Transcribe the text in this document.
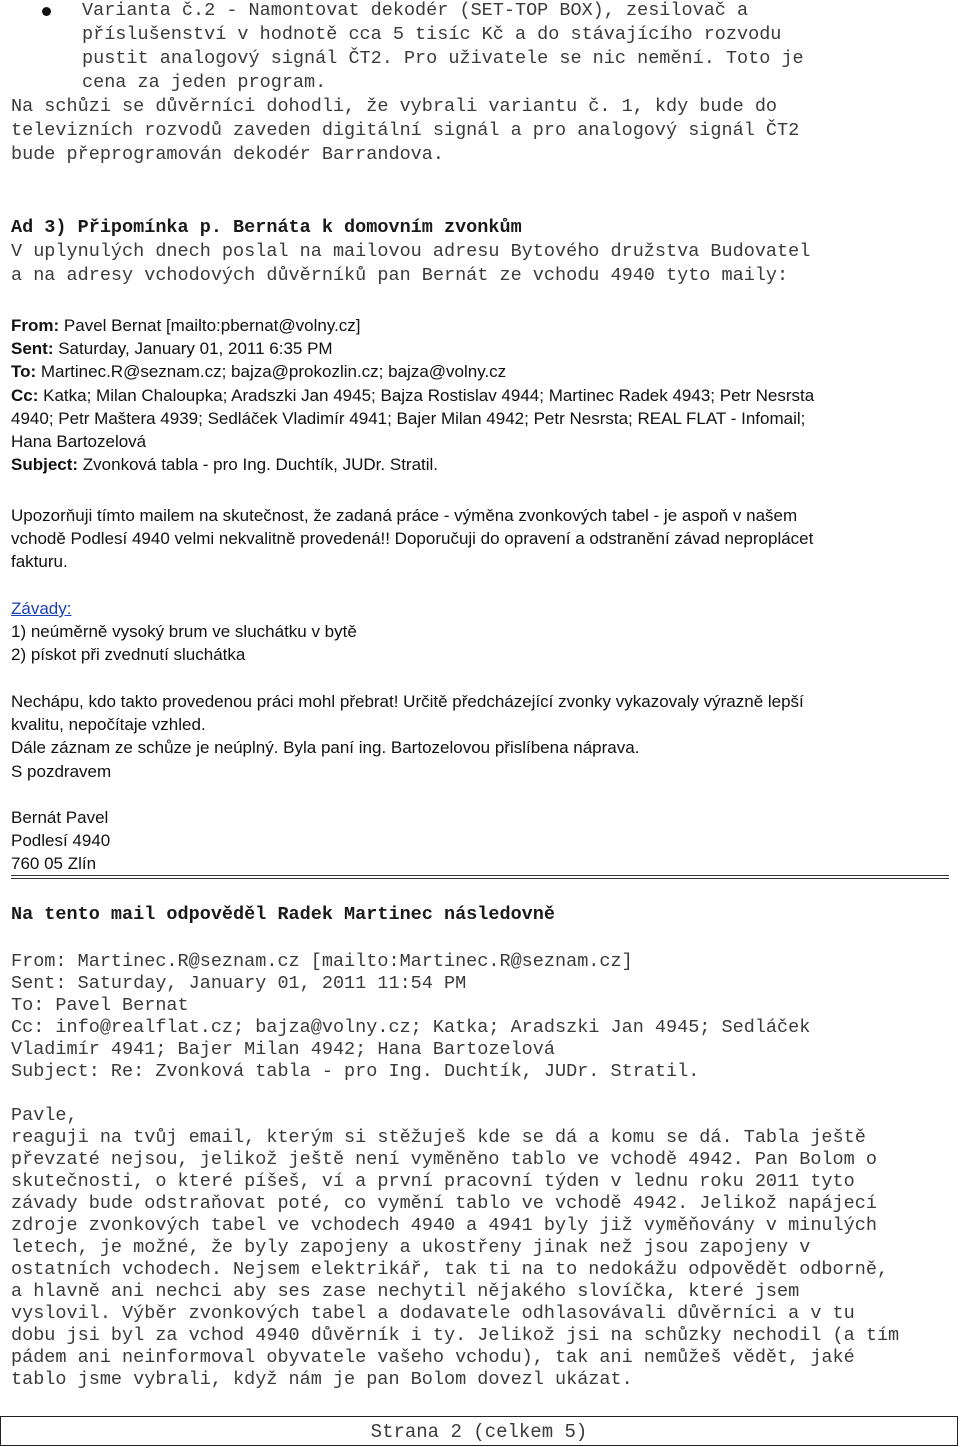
Varianta č.2 - Namontovat dekodér (SET-TOP BOX), zesilovač a
příslušenství v hodnotě cca 5 tisíc Kč a do stávajícího rozvodu
pustit analogový signál ČT2. Pro uživatele se nic nemění. Toto je
cena za jeden program.
Na schůzi se důvěrníci dohodli, že vybrali variantu č. 1, kdy bude do
televizních rozvodů zaveden digitální signál a pro analogový signál ČT2
bude přeprogramován dekodér Barrandova.
Ad 3) Připomínka p. Bernáta k domovním zvonkům
V uplynulých dnech poslal na mailovou adresu Bytového družstva Budovatel
a na adresy vchodových důvěrníků pan Bernát ze vchodu 4940 tyto maily:
From: Pavel Bernat [mailto:pbernat@volny.cz]
Sent: Saturday, January 01, 2011 6:35 PM
To: Martinec.R@seznam.cz; bajza@prokozlin.cz; bajza@volny.cz
Cc: Katka; Milan Chaloupka; Aradszki Jan 4945; Bajza Rostislav 4944; Martinec Radek 4943; Petr Nesrsta
4940; Petr Maštera 4939; Sedláček Vladimír 4941; Bajer Milan 4942; Petr Nesrsta; REAL FLAT - Infomail;
Hana Bartozelová
Subject: Zvonková tabla - pro Ing. Duchtík, JUDr. Stratil.
Upozorňuji tímto mailem na skutečnost, že zadaná práce - výměna zvonkových tabel - je aspoň v našem
vchodě Podlesí 4940 velmi nekvalitně provedená!! Doporučuji do opravení a odstranění závad neproplácet
fakturu.
Závady:
1) neúměrně vysoký brum ve sluchátku v bytě
2) pískot při zvednutí sluchátka
Nechápu, kdo takto provedenou práci mohl přebrat! Určitě předcházející zvonky vykazovaly výrazně lepší
kvalitu, nepočítaje vzhled.
Dále záznam ze schůze je neúplný. Byla paní ing. Bartozelovou přislíbena náprava.
S pozdravem
Bernát Pavel
Podlesí 4940
760 05 Zlín
Na tento mail odpověděl Radek Martinec následovně
From: Martinec.R@seznam.cz [mailto:Martinec.R@seznam.cz]
Sent: Saturday, January 01, 2011 11:54 PM
To: Pavel Bernat
Cc: info@realflat.cz; bajza@volny.cz; Katka; Aradszki Jan 4945; Sedláček
Vladimír 4941; Bajer Milan 4942; Hana Bartozelová
Subject: Re: Zvonková tabla - pro Ing. Duchtík, JUDr. Stratil.
Pavle,
reaguji na tvůj email, kterým si stěžuješ kde se dá a komu se dá. Tabla ještě
převzaté nejsou, jelikož ještě není vyměněno tablo ve vchodě 4942. Pan Bolom o
skutečnosti, o které píšeš, ví a první pracovní týden v lednu roku 2011 tyto
závady bude odstraňovat poté, co vymění tablo ve vchodě 4942. Jelikož napájecí
zdroje zvonkových tabel ve vchodech 4940 a 4941 byly již vyměňovány v minulých
letech, je možné, že byly zapojeny a ukostřeny jinak než jsou zapojeny v
ostatních vchodech. Nejsem elektrikář, tak ti na to nedokážu odpovědět odborně,
a hlavně ani nechci aby ses zase nechytil nějakého slovíčka, které jsem
vyslovil. Výběr zvonkových tabel a dodavatele odhlasovávali důvěrníci a v tu
dobu jsi byl za vchod 4940 důvěrník i ty. Jelikož jsi na schůzky nechodil (a tím
pádem ani neinformoval obyvatele vašeho vchodu), tak ani nemůžeš vědět, jaké
tablo jsme vybrali, když nám je pan Bolom dovezl ukázat.
Strana 2 (celkem 5)
